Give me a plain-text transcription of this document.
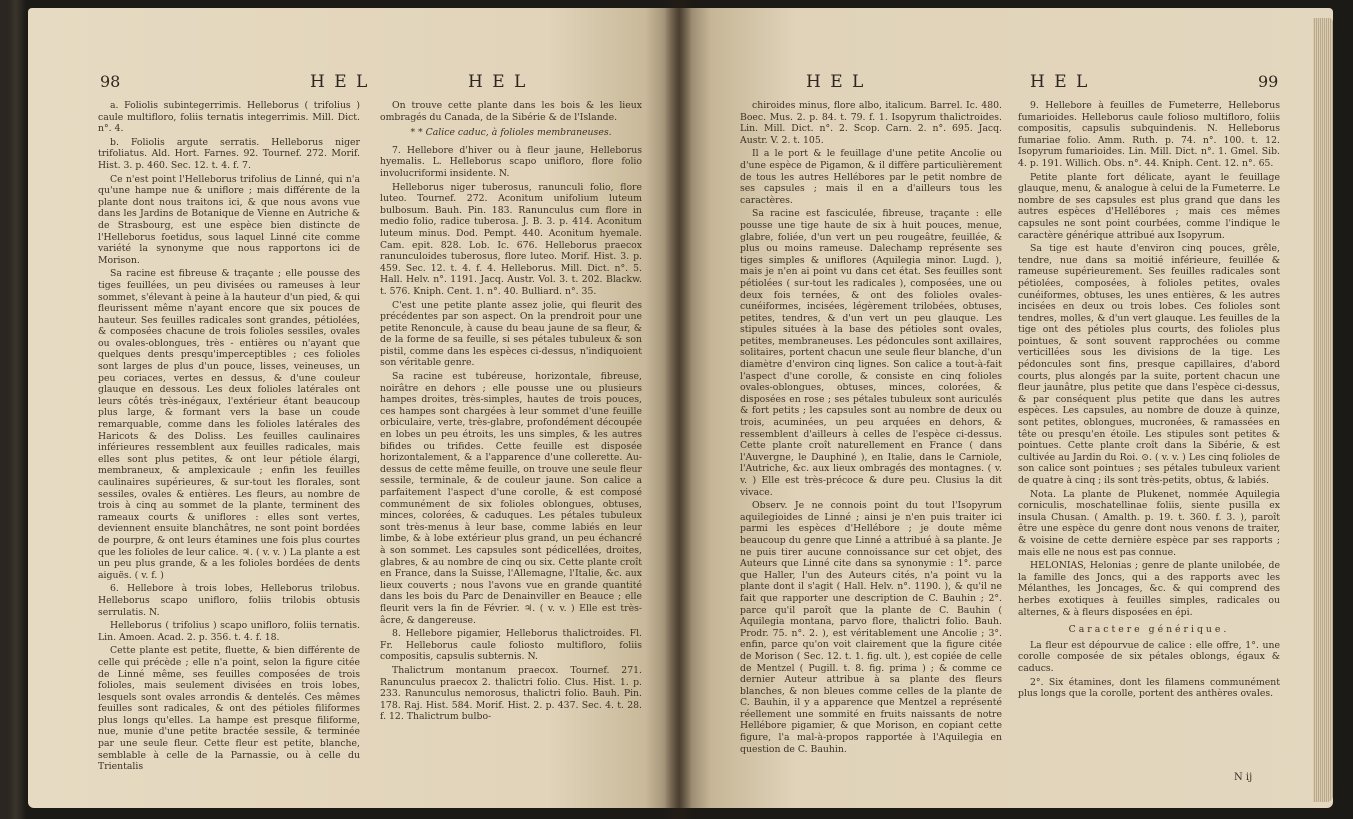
98	H E L	H E L

a. Foliolis subintegerrimis. Helleborus ( trifolius ) caule multifloro, foliis ternatis integerrimis. Mill. Dict. n°. 4.

b. Foliolis argute serratis. Helleborus niger trifoliatus. Ald. Hort. Farnes. 92. Tournef. 272. Morif. Hist. 3. p. 460. Sec. 12. t. 4. f. 7.

Ce n'est point l'Helleborus trifolius de Linné, qui n'a qu'une hampe nue & uniflore ; mais différente de la plante dont nous traitons ici, & que nous avons vue dans les Jardins de Botanique de Vienne en Autriche & de Strasbourg, est une espèce bien distincte de l'Helleborus foetidus, sous laquel Linné cite comme variété la synonyme que nous rapportons ici de Morison.

Sa racine est fibreuse & traçante ; elle pousse des tiges feuillées, un peu divisées ou rameuses à leur sommet, s'élevant à peine à la hauteur d'un pied, & qui fleurissent même n'ayant encore que six pouces de hauteur. Ses feuilles radicales sont grandes, pétiolées, & composées chacune de trois folioles sessiles, ovales ou ovales-oblongues, très - entières ou n'ayant que quelques dents presqu'imperceptibles ; ces folioles sont larges de plus d'un pouce, lisses, veineuses, un peu coriaces, vertes en dessus, & d'une couleur glauque en dessous. Les deux folioles latérales ont leurs côtés très-inégaux, l'extérieur étant beaucoup plus large, & formant vers la base un coude remarquable, comme dans les folioles latérales des Haricots & des Doliss. Les feuilles caulinaires inférieures ressemblent aux feuilles radicales, mais elles sont plus petites, & ont leur pétiole élargi, membraneux, & amplexicaule ; enfin les feuilles caulinaires supérieures, & sur-tout les florales, sont sessiles, ovales & entières. Les fleurs, au nombre de trois à cinq au sommet de la plante, terminent des rameaux courts & uniflores : elles sont vertes, deviennent ensuite blanchâtres, ne sont point bordées de pourpre, & ont leurs étamines une fois plus courtes que les folioles de leur calice. ♃. ( v. v. ) La plante a est un peu plus grande, & a les folioles bordées de dents aiguës. ( v. f. )

6. Hellebore à trois lobes, Helleborus trilobus. Helleborus scapo unifloro, foliis trilobis obtusis serrulatis. N.

Helleborus ( trifolius ) scapo unifloro, foliis ternatis. Lin. Amoen. Acad. 2. p. 356. t. 4. f. 18.

Cette plante est petite, fluette, & bien différente de celle qui précède ; elle n'a point, selon la figure citée de Linné même, ses feuilles composées de trois folioles, mais seulement divisées en trois lobes, lesquels sont ovales arrondis & dentelés. Ces mêmes feuilles sont radicales, & ont des pétioles filiformes plus longs qu'elles. La hampe est presque filiforme, nue, munie d'une petite bractée sessile, & terminée par une seule fleur. Cette fleur est petite, blanche, semblable à celle de la Parnassie, ou à celle du Trientalis

On trouve cette plante dans les bois & les lieux ombragés du Canada, de la Sibérie & de l'Islande.

* * Calice caduc, à folioles membraneuses.

7. Hellebore d'hiver ou à fleur jaune, Helleborus hyemalis. L. Helleborus scapo unifloro, flore folio involucriformi insidente. N.

Helleborus niger tuberosus, ranunculi folio, flore luteo. Tournef. 272. Aconitum unifolium luteum bulbosum. Bauh. Pin. 183. Ranunculus cum flore in medio folio, radice tuberosa. J. B. 3. p. 414. Aconitum luteum minus. Dod. Pempt. 440. Aconitum hyemale. Cam. epit. 828. Lob. Ic. 676. Helleborus praecox ranunculoides tuberosus, flore luteo. Morif. Hist. 3. p. 459. Sec. 12. t. 4. f. 4. Helleborus. Mill. Dict. n°. 5. Hall. Helv. n°. 1191. Jacq. Austr. Vol. 3. t. 202. Blackw. t. 576. Kniph. Cent. 1. n°. 40. Bulliard. n°. 35.

C'est une petite plante assez jolie, qui fleurit des précédentes par son aspect. On la prendroit pour une petite Renoncule, à cause du beau jaune de sa fleur, & de la forme de sa feuille, si ses pétales tubuleux & son pistil, comme dans les espèces ci-dessus, n'indiquoient son véritable genre.

Sa racine est tubéreuse, horizontale, fibreuse, noirâtre en dehors ; elle pousse une ou plusieurs hampes droites, très-simples, hautes de trois pouces, ces hampes sont chargées à leur sommet d'une feuille orbiculaire, verte, très-glabre, profondément découpée en lobes un peu étroits, les uns simples, & les autres bifides ou trifides. Cette feuille est disposée horizontalement, & a l'apparence d'une collerette. Au-dessus de cette même feuille, on trouve une seule fleur sessile, terminale, & de couleur jaune. Son calice a parfaitement l'aspect d'une corolle, & est composé communément de six folioles oblongues, obtuses, minces, colorées, & caduques. Les pétales tubuleux sont très-menus à leur base, comme labiés en leur limbe, & à lobe extérieur plus grand, un peu échancré à son sommet. Les capsules sont pédicellées, droites, glabres, & au nombre de cinq ou six. Cette plante croît en France, dans la Suisse, l'Allemagne, l'Italie, &c. aux lieux couverts ; nous l'avons vue en grande quantité dans les bois du Parc de Denainviller en Beauce ; elle fleurit vers la fin de Février. ♃. ( v. v. ) Elle est très-âcre, & dangereuse.

8. Hellebore pigamier, Helleborus thalictroides. Fl. Fr. Helleborus caule foliosto multifloro, foliis compositis, capsulis subternis. N.

Thalictrum montanum praecox. Tournef. 271. Ranunculus praecox 2. thalictri folio. Clus. Hist. 1. p. 233. Ranunculus nemorosus, thalictri folio. Bauh. Pin. 178. Raj. Hist. 584. Morif. Hist. 2. p. 437. Sec. 4. t. 28. f. 12. Thalictrum bulbo-

H E L	H E L	99

chiroides minus, flore albo, italicum. Barrel. Ic. 480. Boec. Mus. 2. p. 84. t. 79. f. 1. Isopyrum thalictroides. Lin. Mill. Dict. n°. 2. Scop. Carn. 2. n°. 695. Jacq. Austr. V. 2. t. 105.

Il a le port & le feuillage d'une petite Ancolie ou d'une espèce de Pigamon, & il diffère particulièrement de tous les autres Hellébores par le petit nombre de ses capsules ; mais il en a d'ailleurs tous les caractères.

Sa racine est fasciculée, fibreuse, traçante : elle pousse une tige haute de six à huit pouces, menue, glabre, foliée, d'un vert un peu rougeâtre, feuillée, & plus ou moins rameuse. Dalechamp représente ses tiges simples & uniflores (Aquilegia minor. Lugd. ), mais je n'en ai point vu dans cet état. Ses feuilles sont pétiolées ( sur-tout les radicales ), composées, une ou deux fois ternées, & ont des folioles ovales-cunéiformes, incisées, légèrement trilobées, obtuses, petites, tendres, & d'un vert un peu glauque. Les stipules situées à la base des pétioles sont ovales, petites, membraneuses. Les pédoncules sont axillaires, solitaires, portent chacun une seule fleur blanche, d'un diamètre d'environ cinq lignes. Son calice a tout-à-fait l'aspect d'une corolle, & consiste en cinq folioles ovales-oblongues, obtuses, minces, colorées, & disposées en rose ; ses pétales tubuleux sont auriculés & fort petits ; les capsules sont au nombre de deux ou trois, acuminées, un peu arquées en dehors, & ressemblent d'ailleurs à celles de l'espèce ci-dessus. Cette plante croît naturellement en France ( dans l'Auvergne, le Dauphiné ), en Italie, dans le Carniole, l'Autriche, &c. aux lieux ombragés des montagnes. ( v. v. ) Elle est très-précoce & dure peu. Clusius la dit vivace.

Observ. Je ne connois point du tout l'Isopyrum aquilegioides de Linné ; ainsi je n'en puis traiter ici parmi les espèces d'Hellébore ; je doute même beaucoup du genre que Linné a attribué à sa plante. Je ne puis tirer aucune connoissance sur cet objet, des Auteurs que Linné cite dans sa synonymie : 1°. parce que Haller, l'un des Auteurs cités, n'a point vu la plante dont il s'agit ( Hall. Helv. n°. 1190. ), & qu'il ne fait que rapporter une description de C. Bauhin ; 2°. parce qu'il paroît que la plante de C. Bauhin ( Aquilegia montana, parvo flore, thalictri folio. Bauh. Prodr. 75. n°. 2. ), est véritablement une Ancolie ; 3°. enfin, parce qu'on voit clairement que la figure citée de Morison ( Sec. 12. t. 1. fig. ult. ), est copiée de celle de Mentzel ( Pugill. t. 8. fig. prima ) ; & comme ce dernier Auteur attribue à sa plante des fleurs blanches, & non bleues comme celles de la plante de C. Bauhin, il y a apparence que Mentzel a représenté réellement une sommité en fruits naissants de notre Hellébore pigamier, & que Morison, en copiant cette figure, l'a mal-à-propos rapportée à l'Aquilegia en question de C. Bauhin.

9. Hellebore à feuilles de Fumeterre, Helleborus fumarioides. Helleborus caule folioso multifloro, foliis compositis, capsulis subquindenis. N. Helleborus fumariae folio. Amm. Ruth. p. 74. n°. 100. t. 12. Isopyrum fumarioides. Lin. Mill. Dict. n°. 1. Gmel. Sib. 4. p. 191. Willich. Obs. n°. 44. Kniph. Cent. 12. n°. 65.

Petite plante fort délicate, ayant le feuillage glauque, menu, & analogue à celui de la Fumeterre. Le nombre de ses capsules est plus grand que dans les autres espèces d'Hellébores ; mais ces mêmes capsules ne sont point courbées, comme l'indique le caractère générique attribué aux Isopyrum.

Sa tige est haute d'environ cinq pouces, grêle, tendre, nue dans sa moitié inférieure, feuillée & rameuse supérieurement. Ses feuilles radicales sont pétiolées, composées, à folioles petites, ovales cunéiformes, obtuses, les unes entières, & les autres incisées en deux ou trois lobes. Ces folioles sont tendres, molles, & d'un vert glauque. Les feuilles de la tige ont des pétioles plus courts, des folioles plus pointues, & sont souvent rapprochées ou comme verticillées sous les divisions de la tige. Les pédoncules sont fins, presque capillaires, d'abord courts, plus alongés par la suite, portent chacun une fleur jaunâtre, plus petite que dans l'espèce ci-dessus, & par conséquent plus petite que dans les autres espèces. Les capsules, au nombre de douze à quinze, sont petites, oblongues, mucronées, & ramassées en tête ou presqu'en étoile. Les stipules sont petites & pointues. Cette plante croît dans la Sibérie, & est cultivée au Jardin du Roi. ⊙. ( v. v. ) Les cinq folioles de son calice sont pointues ; ses pétales tubuleux varient de quatre à cinq ; ils sont très-petits, obtus, & labiés.

Nota. La plante de Plukenet, nommée Aquilegia corniculis, moschatellinae foliis, siente pusilla ex insula Chusan. ( Amalth. p. 19. t. 360. f. 3. ), paroît être une espèce du genre dont nous venons de traiter, & voisine de cette dernière espèce par ses rapports ; mais elle ne nous est pas connue.

HELONIAS, Helonias ; genre de plante unilobée, de la famille des Joncs, qui a des rapports avec les Mélanthes, les Joncages, &c. & qui comprend des herbes exotiques à feuilles simples, radicales ou alternes, & à fleurs disposées en épi.

Caractere générique.

La fleur est dépourvue de calice : elle offre, 1°. une corolle composée de six pétales oblongs, égaux & caducs.

2°. Six étamines, dont les filamens communément plus longs que la corolle, portent des anthères ovales.

N ij
